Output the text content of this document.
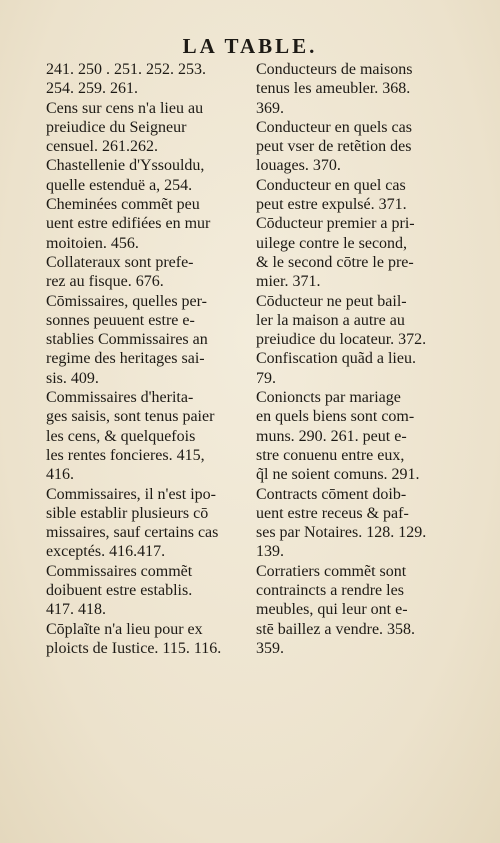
LA TABLE.
241. 250 . 251. 252. 253.
254. 259. 261.
Cens sur cens n'a lieu au
preiudice du Seigneur
censuel. 261.262.
Chastellenie d'Yssouldu,
quelle estenduë a, 254.
Cheminées commẽt peu
uent estre edifiées en mur
moitoien. 456.
Collateraux sont prefe-
rez au fisque. 676.
Cōmissaires, quelles per-
sonnes peuuent estre e-
stablies Commissaires an
regime des heritages sai-
sis. 409.
Commissaires d'herita-
ges saisis, sont tenus paier
les cens, & quelquefois
les rentes foncieres. 415,
416.
Commissaires, il n'est ipo-
sible establir plusieurs cō
missaires, sauf certains cas
exceptés. 416.417.
Commissaires commẽt
doibuent estre establis.
417. 418.
Cōplaĩte n'a lieu pour ex
ploicts de Iustice. 115. 116.
Conducteurs de maisons
tenus les ameubler. 368.
369.
Conducteur en quels cas
peut vser de retẽtion des
louages. 370.
Conducteur en quel cas
peut estre expulsé. 371.
Cōducteur premier a pri-
uilege contre le second,
& le second cōtre le pre-
mier. 371.
Cōducteur ne peut bail-
ler la maison a autre au
preiudice du locateur. 372.
Confiscation quãd a lieu.
79.
Conioncts par mariage
en quels biens sont com-
muns. 290. 261. peut e-
stre conuenu entre eux,
q̃l ne soient comuns. 291.
Contracts cōment doib-
uent estre receus & paf-
ses par Notaires. 128. 129.
139.
Corratiers commẽt sont
contraincts a rendre les
meubles, qui leur ont e-
stē baillez a vendre. 358.
359.
